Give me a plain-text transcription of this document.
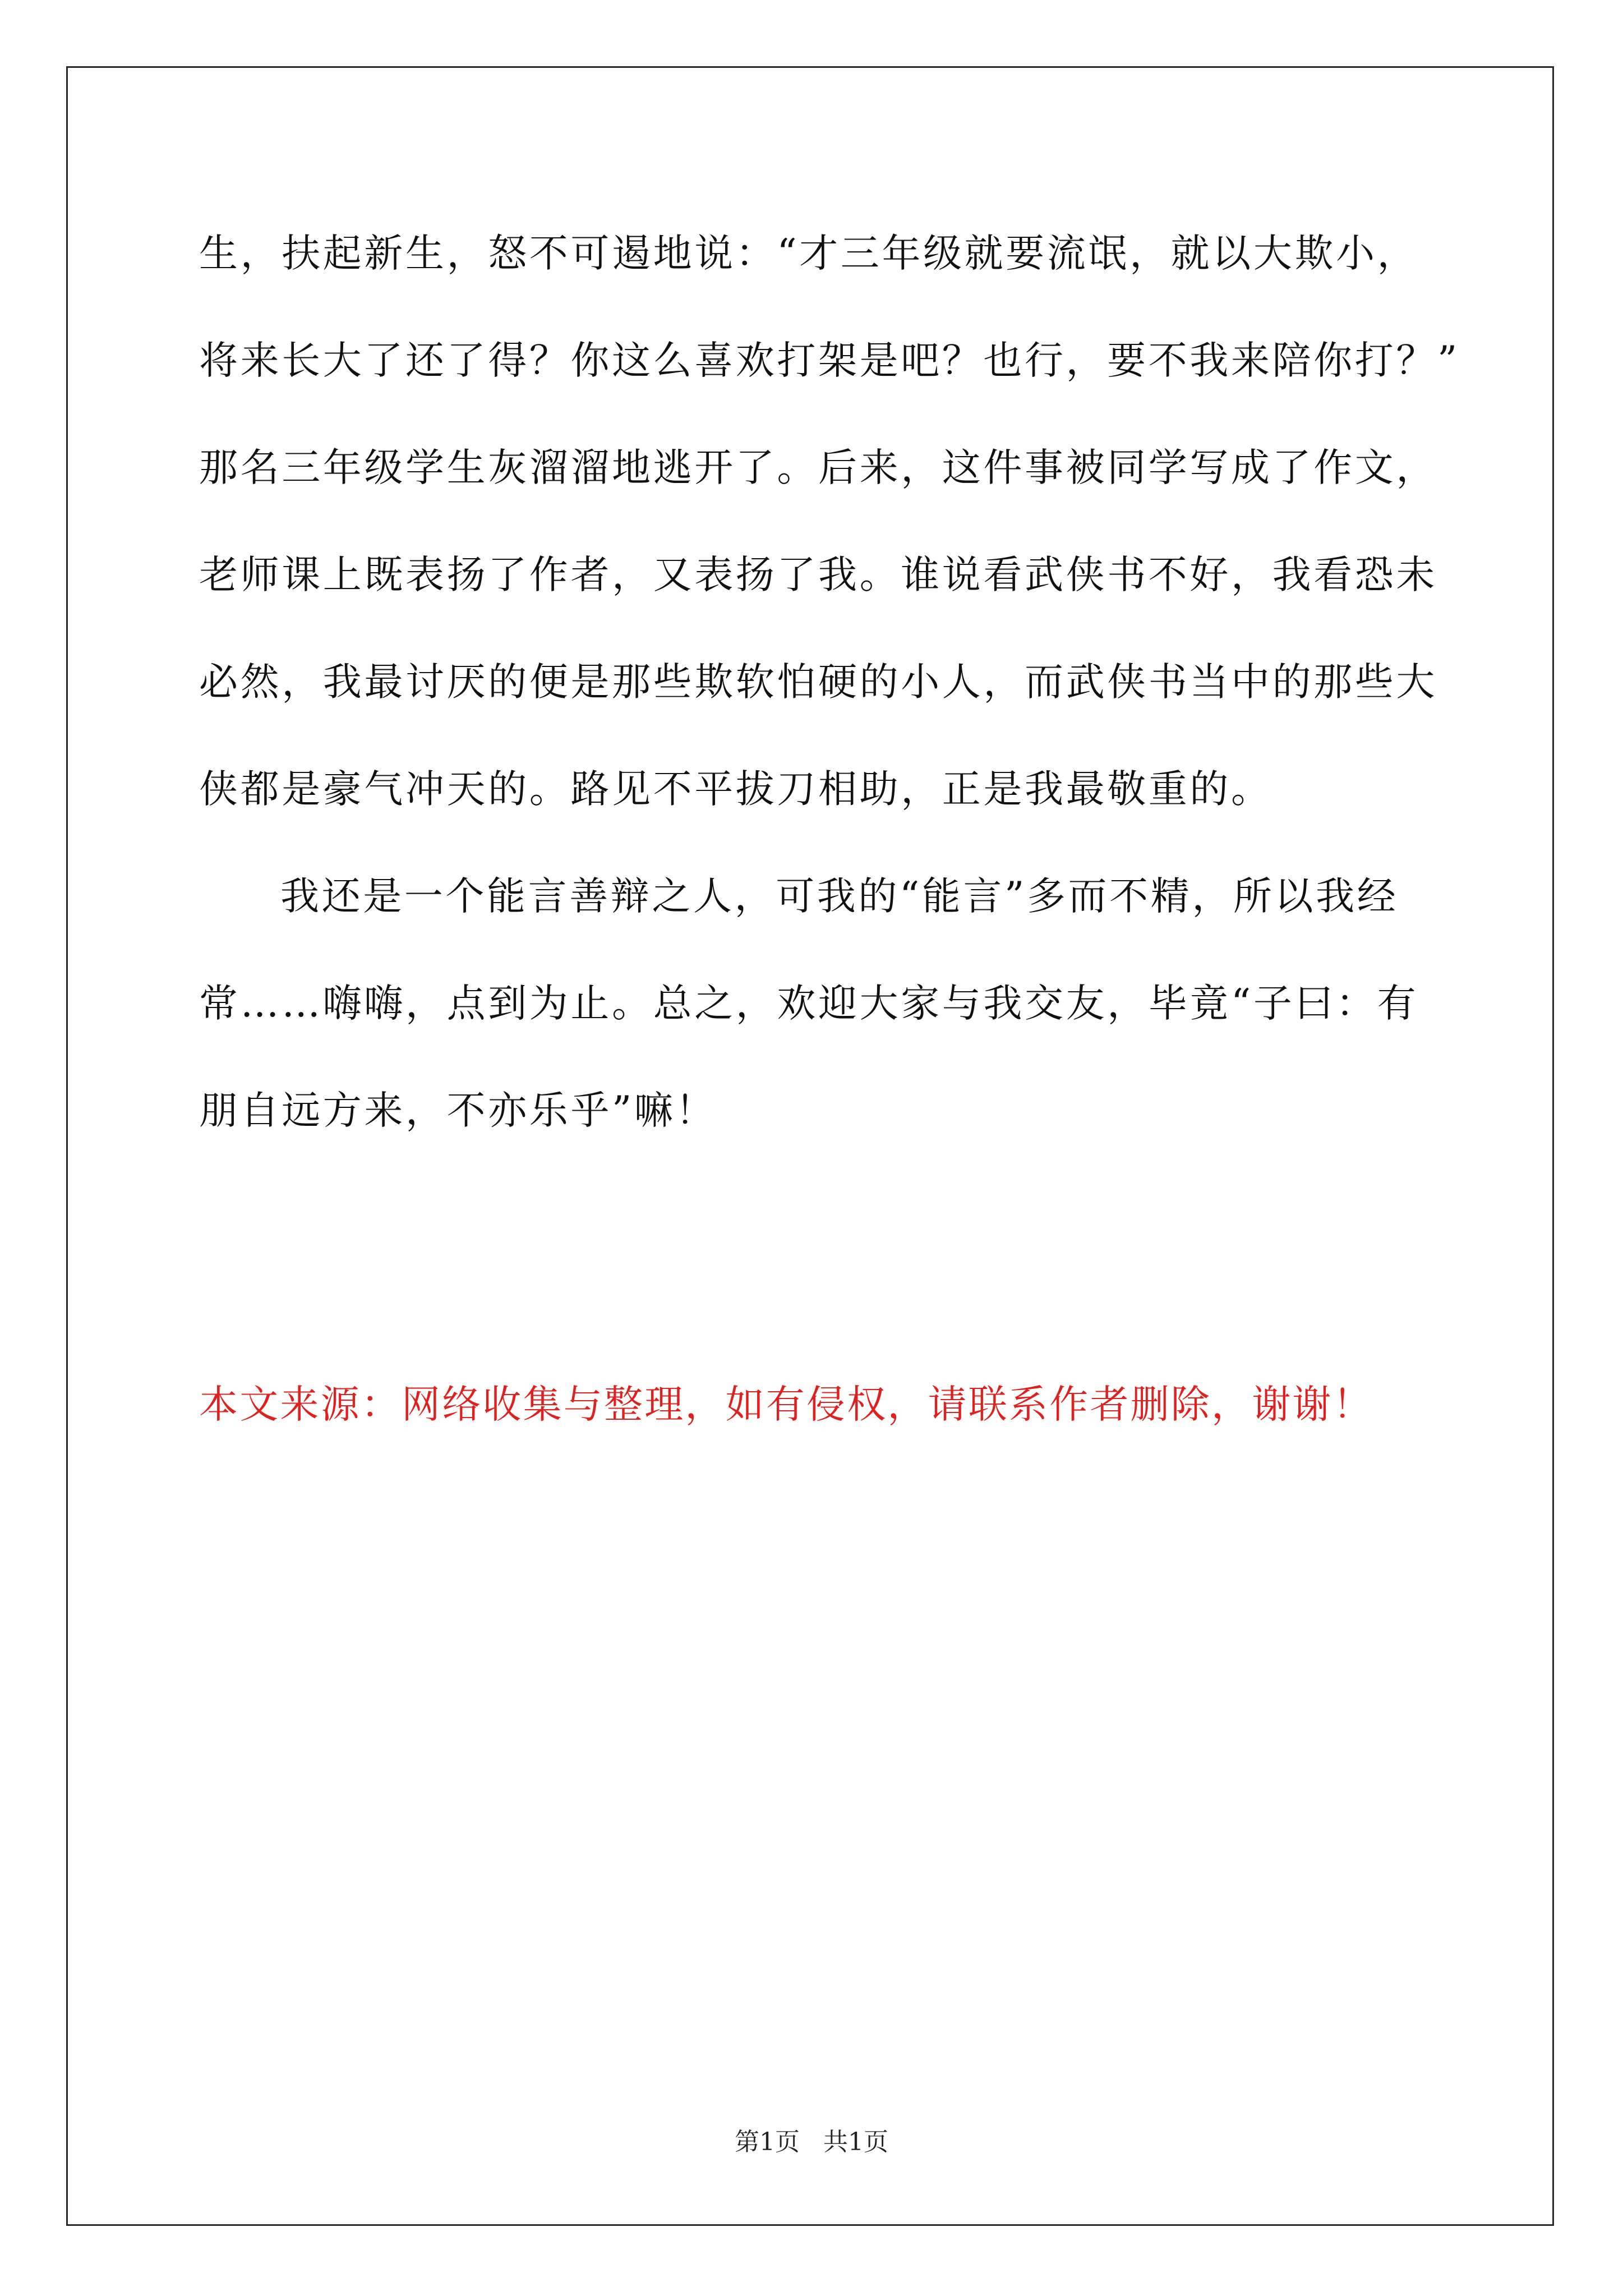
生，扶起新生，怒不可遏地说：“才三年级就要流氓，就以大欺小，

将来长大了还了得？你这么喜欢打架是吧？也行，要不我来陪你打？”

那名三年级学生灰溜溜地逃开了。后来，这件事被同学写成了作文，

老师课上既表扬了作者，又表扬了我。谁说看武侠书不好，我看恐未

必然，我最讨厌的便是那些欺软怕硬的小人，而武侠书当中的那些大

侠都是豪气冲天的。路见不平拔刀相助，正是我最敬重的。

我还是一个能言善辩之人，可我的“能言”多而不精，所以我经

常……嗨嗨，点到为止。总之，欢迎大家与我交友，毕竟“子曰：有

朋自远方来，不亦乐乎”嘛！

本文来源：网络收集与整理，如有侵权，请联系作者删除，谢谢！

第1页   共1页
